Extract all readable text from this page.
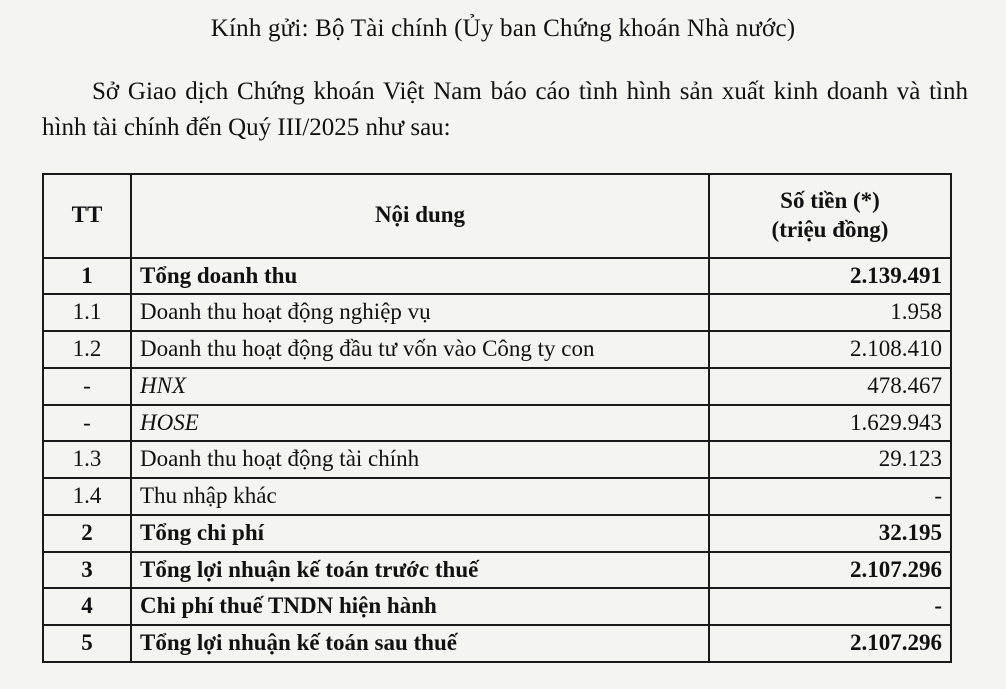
Kính gửi: Bộ Tài chính (Ủy ban Chứng khoán Nhà nước)

Sở Giao dịch Chứng khoán Việt Nam báo cáo tình hình sản xuất kinh doanh và tình hình tài chính đến Quý III/2025 như sau:

TT	Nội dung	Số tiền (*)
(triệu đồng)

1	Tổng doanh thu	2.139.491
1.1	Doanh thu hoạt động nghiệp vụ	1.958
1.2	Doanh thu hoạt động đầu tư vốn vào Công ty con	2.108.410
-	HNX	478.467
-	HOSE	1.629.943
1.3	Doanh thu hoạt động tài chính	29.123
1.4	Thu nhập khác	-
2	Tổng chi phí	32.195
3	Tổng lợi nhuận kế toán trước thuế	2.107.296
4	Chi phí thuế TNDN hiện hành	-
5	Tổng lợi nhuận kế toán sau thuế	2.107.296
